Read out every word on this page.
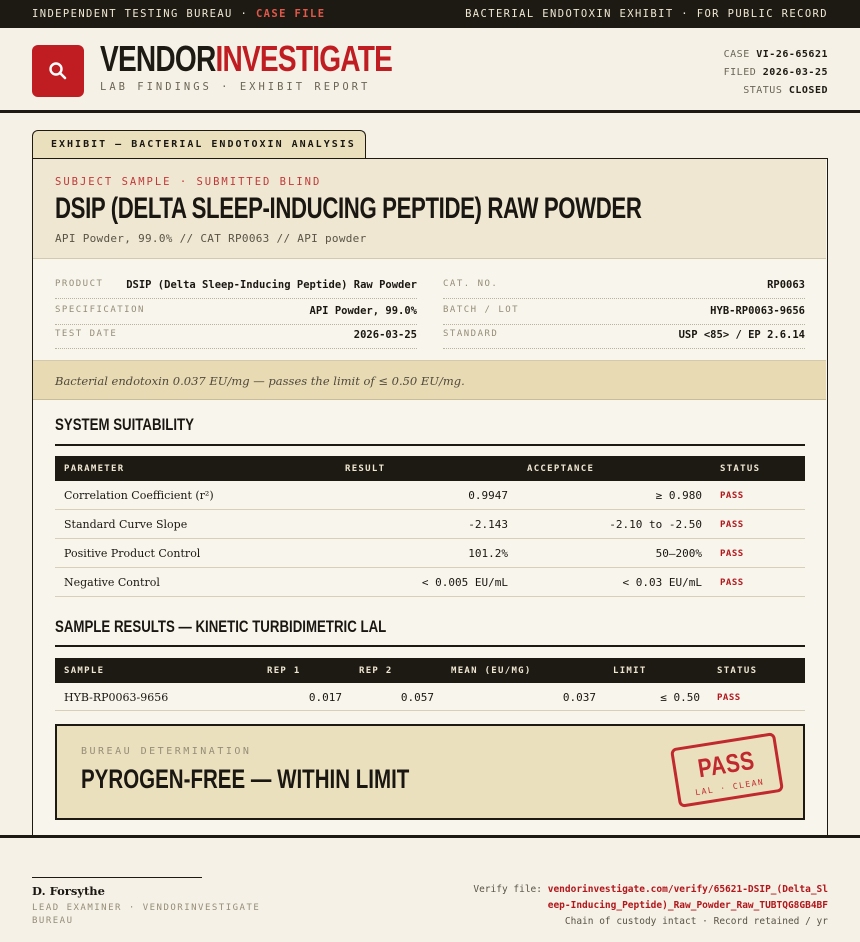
INDEPENDENT TESTING BUREAU · CASE FILE	BACTERIAL ENDOTOXIN EXHIBIT · FOR PUBLIC RECORD
VENDORINVESTIGATE
LAB FINDINGS · EXHIBIT REPORT
CASE VI-26-65621
FILED 2026-03-25
STATUS CLOSED
EXHIBIT — BACTERIAL ENDOTOXIN ANALYSIS
SUBJECT SAMPLE · SUBMITTED BLIND
DSIP (DELTA SLEEP-INDUCING PEPTIDE) RAW POWDER
API Powder, 99.0% // CAT RP0063 // API powder
PRODUCT DSIP (Delta Sleep-Inducing Peptide) Raw Powder
SPECIFICATION	API Powder, 99.0%
TEST DATE	2026-03-25
CAT. NO.	RP0063
BATCH / LOT	HYB-RP0063-9656
STANDARD	USP <85> / EP 2.6.14

Bacterial endotoxin 0.037 EU/mg — passes the limit of ≤ 0.50 EU/mg.

SYSTEM SUITABILITY
PARAMETER	RESULT	ACCEPTANCE	STATUS
Correlation Coefficient (r²)	0.9947	≥ 0.980 PASS
Standard Curve Slope	-2.143	-2.10 to -2.50 PASS
Positive Product Control	101.2%	50–200% PASS
Negative Control	< 0.005 EU/mL	< 0.03 EU/mL PASS
SAMPLE RESULTS — KINETIC TURBIDIMETRIC LAL
SAMPLE	REP 1	REP 2	MEAN (EU/MG)	LIMIT	STATUS
HYB-RP0063-9656	0.017	0.057	0.037	≤ 0.50 PASS
BUREAU DETERMINATION
PYROGEN-FREE — WITHIN LIMIT	PASS
LAL · CLEAN
D. Forsythe
LEAD EXAMINER · VENDORINVESTIGATE BUREAU
Verify file: vendorinvestigate.com/verify/65621-DSIP_(Delta_Sleep-Inducing_Peptide)_Raw_Powder_Raw_TUBTQG8GB4BF
Chain of custody intact · Record retained / yr
